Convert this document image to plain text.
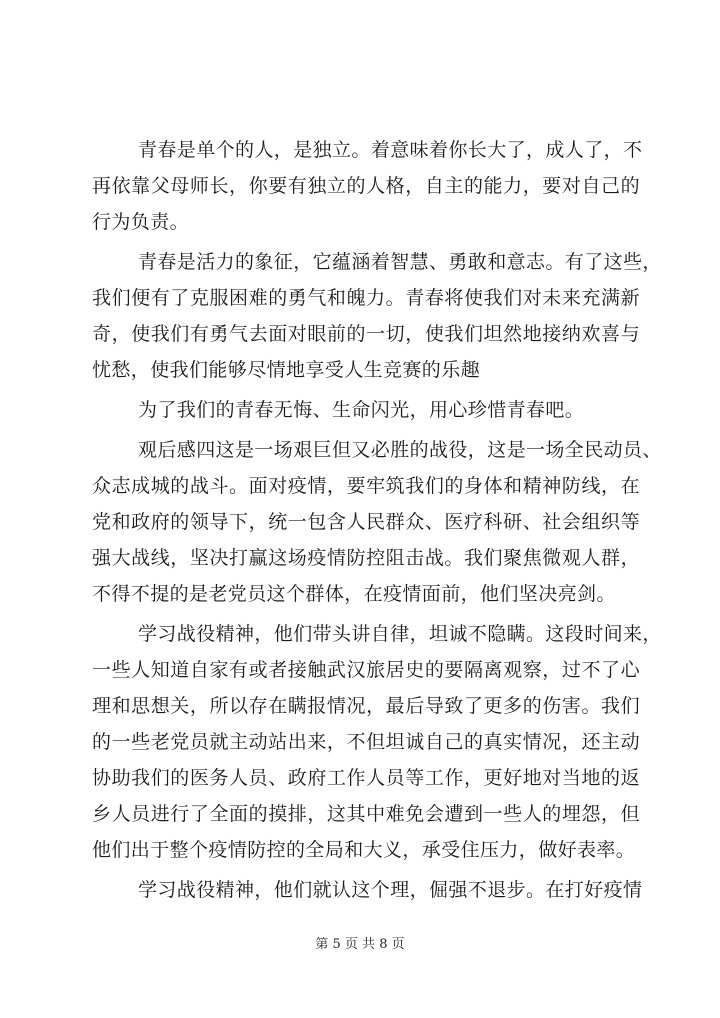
青春是单个的人，是独立。着意味着你长大了，成人了，不
再依靠父母师长，你要有独立的人格，自主的能力，要对自己的
行为负责。
青春是活力的象征，它蕴涵着智慧、勇敢和意志。有了这些，
我们便有了克服困难的勇气和魄力。青春将使我们对未来充满新
奇，使我们有勇气去面对眼前的一切，使我们坦然地接纳欢喜与
忧愁，使我们能够尽情地享受人生竞赛的乐趣
为了我们的青春无悔、生命闪光，用心珍惜青春吧。
观后感四这是一场艰巨但又必胜的战役，这是一场全民动员、
众志成城的战斗。面对疫情，要牢筑我们的身体和精神防线，在
党和政府的领导下，统一包含人民群众、医疗科研、社会组织等
强大战线，坚决打赢这场疫情防控阻击战。我们聚焦微观人群，
不得不提的是老党员这个群体，在疫情面前，他们坚决亮剑。
学习战役精神，他们带头讲自律，坦诚不隐瞒。这段时间来，
一些人知道自家有或者接触武汉旅居史的要隔离观察，过不了心
理和思想关，所以存在瞒报情况，最后导致了更多的伤害。我们
的一些老党员就主动站出来，不但坦诚自己的真实情况，还主动
协助我们的医务人员、政府工作人员等工作，更好地对当地的返
乡人员进行了全面的摸排，这其中难免会遭到一些人的埋怨，但
他们出于整个疫情防控的全局和大义，承受住压力，做好表率。
学习战役精神，他们就认这个理，倔强不退步。在打好疫情
第 5 页 共 8 页
